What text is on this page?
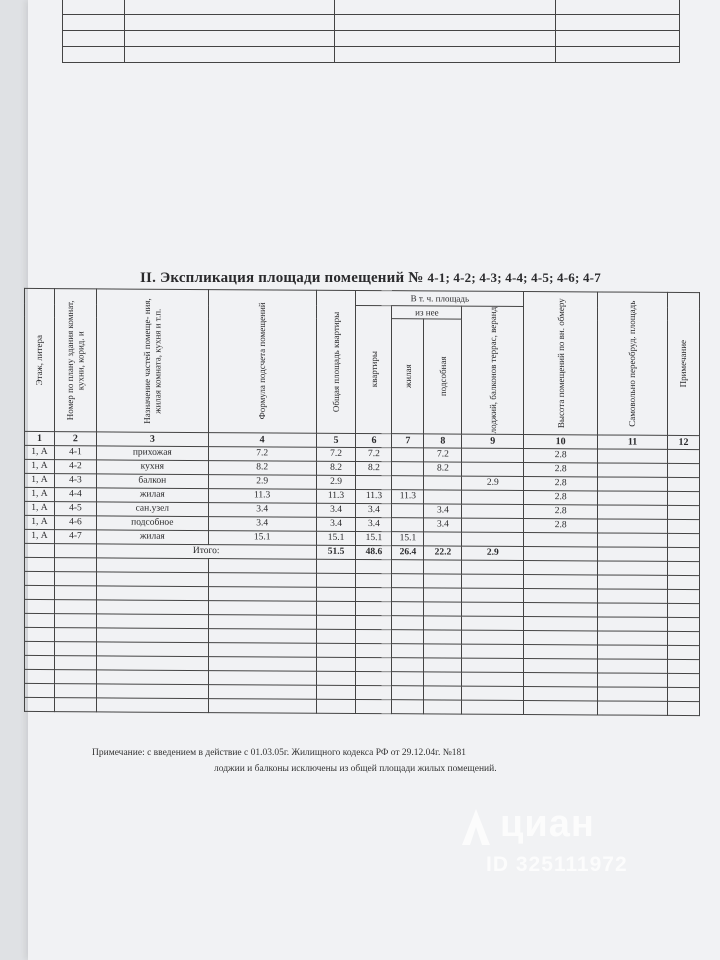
II. Экспликация площади помещений № 4-1; 4-2; 4-3; 4-4; 4-5; 4-6; 4-7
Этаж, литера	Номер по плану здания комнат, кухни, корид. и	Назначение частей помеще- ния, жилая комната, кухня и т.п.	Формула подсчета помещений	Общая площадь квартиры	В т. ч. площадь				Высота помещений по вн. обмеру	Самовольно переобруд. площадь	Примечание

					квартиры	из нее		лоджий, балконов террас, веранд			

						жилая	подсобная				

1	2	3	4	5	6	7	8	9	10	11	12
1, А	4-1	прихожая	7.2	7.2	7.2		7.2		2.8		
1, А	4-2	кухня	8.2	8.2	8.2		8.2		2.8		
1, А	4-3	балкон	2.9	2.9				2.9	2.8		
1, А	4-4	жилая	11.3	11.3	11.3	11.3			2.8		
1, А	4-5	сан.узел	3.4	3.4	3.4		3.4		2.8		
1, А	4-6	подсобное	3.4	3.4	3.4		3.4		2.8		
1, А	4-7	жилая	15.1	15.1	15.1	15.1					
		Итого:		51.5	48.6	26.4	22.2	2.9			

Примечание: с введением в действие с 01.03.05г. Жилищного кодекса РФ от 29.12.04г. №181
лоджии и балконы исключены из общей площади жилых помещений.
циан
ID 325111972
